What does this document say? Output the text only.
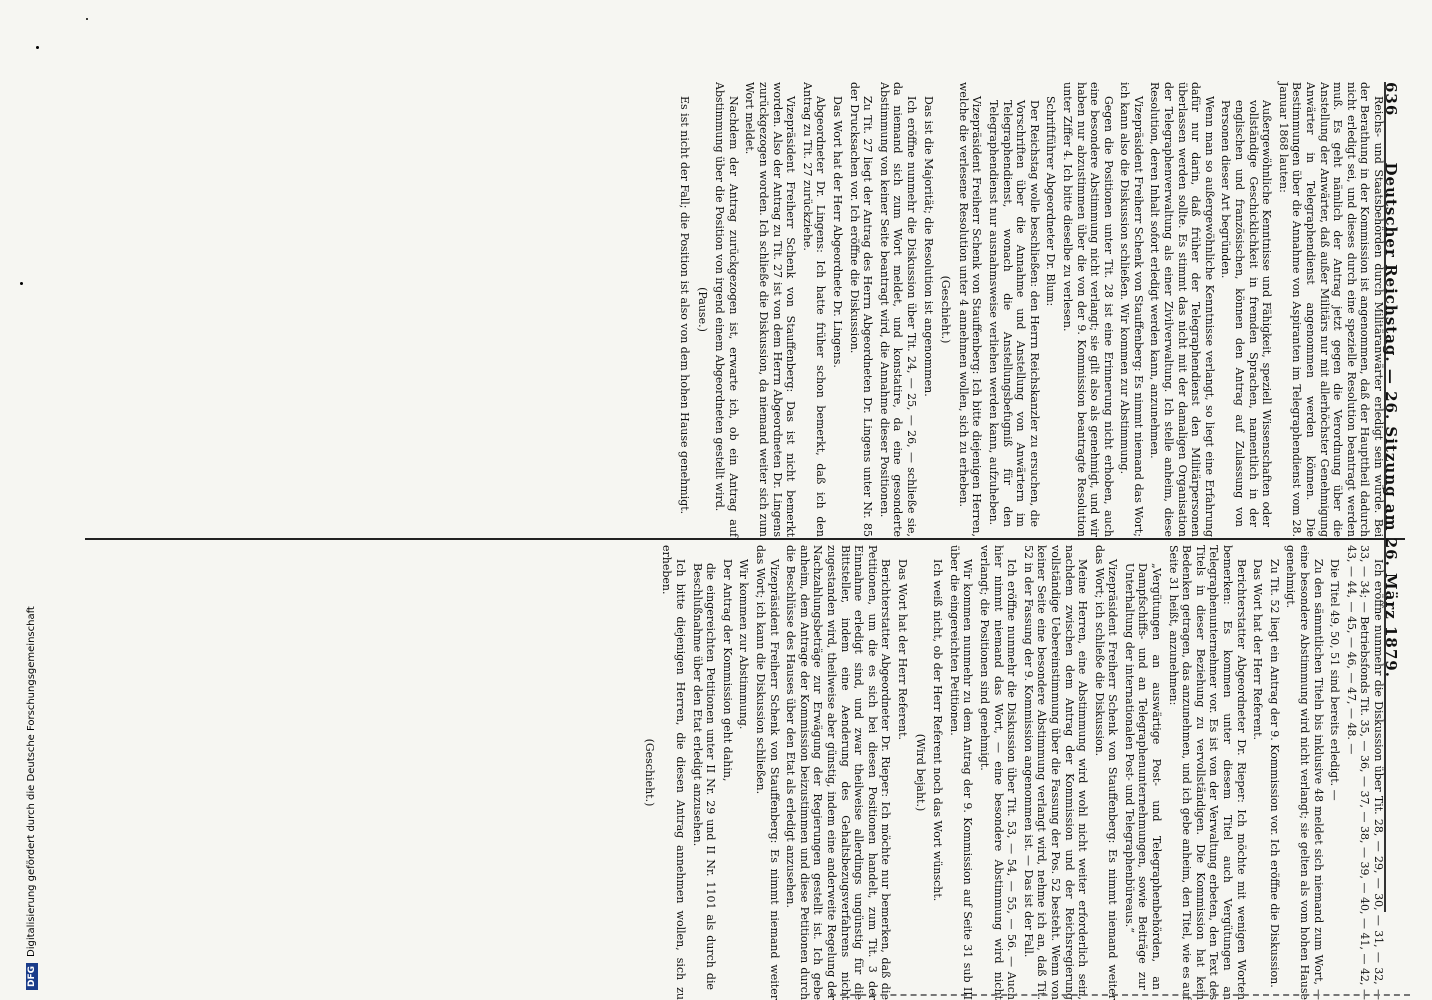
636 Deutscher Reichstag. — 26. Sitzung am 26. März 1879.

Reichs- und Staatsbehörden durch Militäranwärter erledigt sein würde. Bei der Berathung in der Kommission ist angenommen, daß der Haupttheil dadurch nicht erledigt sei, und dieses durch eine spezielle Resolution beantragt werden muß. Es geht nämlich der Antrag jetzt gegen die Verordnung über die Anstellung der Anwärter, daß außer Militärs nur mit allerhöchster Genehmigung Anwärter in Telegraphendienst angenommen werden können. Die Bestimmungen über die Annahme von Aspiranten im Telegraphendienst vom 28. Januar 1868 lauten:

Außergewöhnliche Kenntnisse und Fähigkeit, speziell Wissenschaften oder vollständige Geschicklichkeit in fremden Sprachen, namentlich in der englischen und französischen, können den Antrag auf Zulassung von Personen dieser Art begründen.

Wenn man so außergewöhnliche Kenntnisse verlangt, so liegt eine Erfahrung dafür nur darin, daß früher der Telegraphendienst den Militärpersonen überlassen werden sollte. Es stimmt das nicht mit der damaligen Organisation der Telegraphenverwaltung als einer Zivilverwaltung. Ich stelle anheim, diese Resolution, deren Inhalt sofort erledigt werden kann, anzunehmen.

Vizepräsident Freiherr Schenk von Stauffenberg: Es nimmt niemand das Wort; ich kann also die Diskussion schließen. Wir kommen zur Abstimmung.

Gegen die Positionen unter Tit. 28 ist eine Erinnerung nicht erhoben, auch eine besondere Abstimmung nicht verlangt; sie gilt also als genehmigt, und wir haben nur abzustimmen über die von der 9. Kommission beantragte Resolution unter Ziffer 4. Ich bitte dieselbe zu verlesen.

Schriftführer Abgeordneter Dr. Blum:

Der Reichstag wolle beschließen: den Herrn Reichskanzler zu ersuchen, die Vorschriften über die Annahme und Anstellung von Anwärtern im Telegraphendienst, wonach die Anstellungsbefugniß für den Telegraphendienst nur ausnahmsweise verliehen werden kann, aufzuheben.

Vizepräsident Freiherr Schenk von Stauffenberg: Ich bitte diejenigen Herren, welche die verlesene Resolution unter 4 annehmen wollen, sich zu erheben.

(Geschieht.)

Das ist die Majorität; die Resolution ist angenommen.

Ich eröffne nunmehr die Diskussion über Tit. 24, — 25, — 26, — schließe sie, da niemand sich zum Wort meldet, und konstatire, da eine gesonderte Abstimmung von keiner Seite beantragt wird, die Annahme dieser Positionen.

Zu Tit. 27 liegt der Antrag des Herrn Abgeordneten Dr. Lingens unter Nr. 85 der Drucksachen vor. Ich eröffne die Diskussion.

Das Wort hat der Herr Abgeordnete Dr. Lingens.

Abgeordneter Dr. Lingens: Ich hatte früher schon bemerkt, daß ich den Antrag zu Tit. 27 zurückziehe.

Vizepräsident Freiherr Schenk von Stauffenberg: Das ist nicht bemerkt worden. Also der Antrag zu Tit. 27 ist von dem Herrn Abgeordneten Dr. Lingens zurückgezogen worden. Ich schließe die Diskussion, da niemand weiter sich zum Wort meldet.

Nachdem der Antrag zurückgezogen ist, erwarte ich, ob ein Antrag auf Abstimmung über die Position von irgend einem Abgeordneten gestellt wird.

(Pause.)

Es ist nicht der Fall; die Position ist also von dem hohen Hause genehmigt.

Ich eröffne nunmehr die Diskussion über Tit. 28, — 29, — 30, — 31, — 32, — 33, — 34; — Betriebsfonds Tit. 35, — 36, — 37, — 38, — 39, — 40, — 41, — 42, — 43, — 44, — 45, — 46, — 47, — 48. —

Die Titel 49, 50, 51 sind bereits erledigt. —

Zu den sämmtlichen Titeln bis inklusive 48 meldet sich niemand zum Wort, — eine besondere Abstimmung wird nicht verlangt; sie gelten als vom hohen Hause genehmigt.

Zu Tit. 52 liegt ein Antrag der 9. Kommission vor. Ich eröffne die Diskussion.

Das Wort hat der Herr Referent.

Berichterstatter Abgeordneter Dr. Rieper: Ich möchte mit wenigen Worten bemerken: Es kommen unter diesem Titel auch Vergütungen an Telegraphenunternehmer vor. Es ist von der Verwaltung erbeten, den Text des Titels in dieser Beziehung zu vervollständigen. Die Kommission hat kein Bedenken getragen, das anzunehmen, und ich gebe anheim, den Titel, wie es auf Seite 31 heißt, anzunehmen:

„Vergütungen an auswärtige Post- und Telegraphenbehörden, an Dampfschiffs- und an Telegraphenunternehmungen, sowie Beiträge zur Unterhaltung der internationalen Post- und Telegraphenbüreaus.“

Vizepräsident Freiherr Schenk von Stauffenberg: Es nimmt niemand weiter das Wort; ich schließe die Diskussion.

Meine Herren, eine Abstimmung wird wohl nicht weiter erforderlich sein, nachdem zwischen dem Antrag der Kommission und der Reichsregierung vollständige Uebereinstimmung über die Fassung der Pos. 52 besteht. Wenn von keiner Seite eine besondere Abstimmung verlangt wird, nehme ich an, daß Tit. 52 in der Fassung der 9. Kommission angenommen ist. — Das ist der Fall.

Ich eröffne nunmehr die Diskussion über Tit. 53, — 54, — 55, — 56. — Auch hier nimmt niemand das Wort, — eine besondere Abstimmung wird nicht verlangt; die Positionen sind genehmigt.

Wir kommen nunmehr zu dem Antrag der 9. Kommission auf Seite 31 sub III über die eingereichten Petitionen.

Ich weiß nicht, ob der Herr Referent noch das Wort wünscht.

(Wird bejaht.)

Das Wort hat der Herr Referent.

Berichterstatter Abgeordneter Dr. Rieper: Ich möchte nur bemerken, daß die Petitionen, um die es sich bei diesen Positionen handelt, zum Tit. 3 der Einnahme erledigt sind, und zwar theilweise allerdings ungünstig für die Bittsteller, indem eine Aenderung des Gehaltsbezugsverfahrens nicht zugestanden wird, theilweise aber günstig, indem eine anderweite Regelung der Nachzahlungsbeträge zur Erwägung der Regierungen gestellt ist. Ich gebe anheim, dem Antrage der Kommission beizustimmen und diese Petitionen durch die Beschlüsse des Hauses über den Etat als erledigt anzusehen.

Vizepräsident Freiherr Schenk von Stauffenberg: Es nimmt niemand weiter das Wort; ich kann die Diskussion schließen.

Wir kommen zur Abstimmung.

Der Antrag der Kommission geht dahin,

die eingereichten Petitionen unter II Nr. 29 und II Nr. 1101 als durch die Beschlußnahme über den Etat erledigt anzusehen.

Ich bitte diejenigen Herren, die diesen Antrag annehmen wollen, sich zu erheben.

(Geschieht.)

DFGDigitalisierung gefördert durch die Deutsche Forschungsgemeinschaft
